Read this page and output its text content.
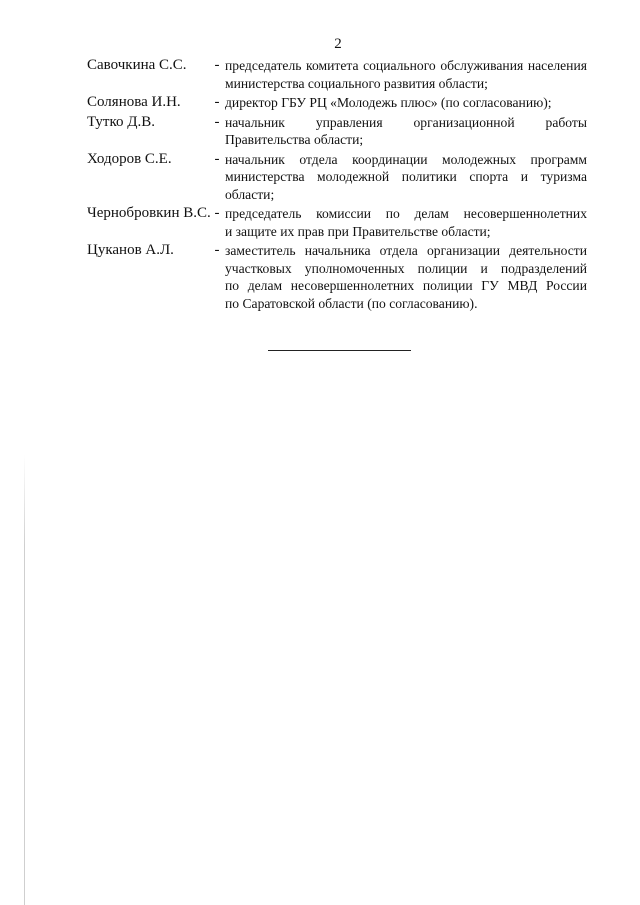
2
Савочкина С.С.	- председатель комитета социального обслуживания населения
министерства социального развития области;
Солянова И.Н.	- директор ГБУ РЦ «Молодежь плюс» (по согласованию);
Тутко Д.В.	- начальник управления организационной работы
Правительства области;
Ходоров С.Е.	- начальник отдела координации молодежных программ
министерства молодежной политики спорта и туризма
области;
Чернобровкин В.С. - председатель комиссии по делам несовершеннолетних
и защите их прав при Правительстве области;
Цуканов А.Л.	- заместитель начальника отдела организации деятельности
участковых уполномоченных полиции и подразделений
по делам несовершеннолетних полиции ГУ МВД России
по Саратовской области (по согласованию).
